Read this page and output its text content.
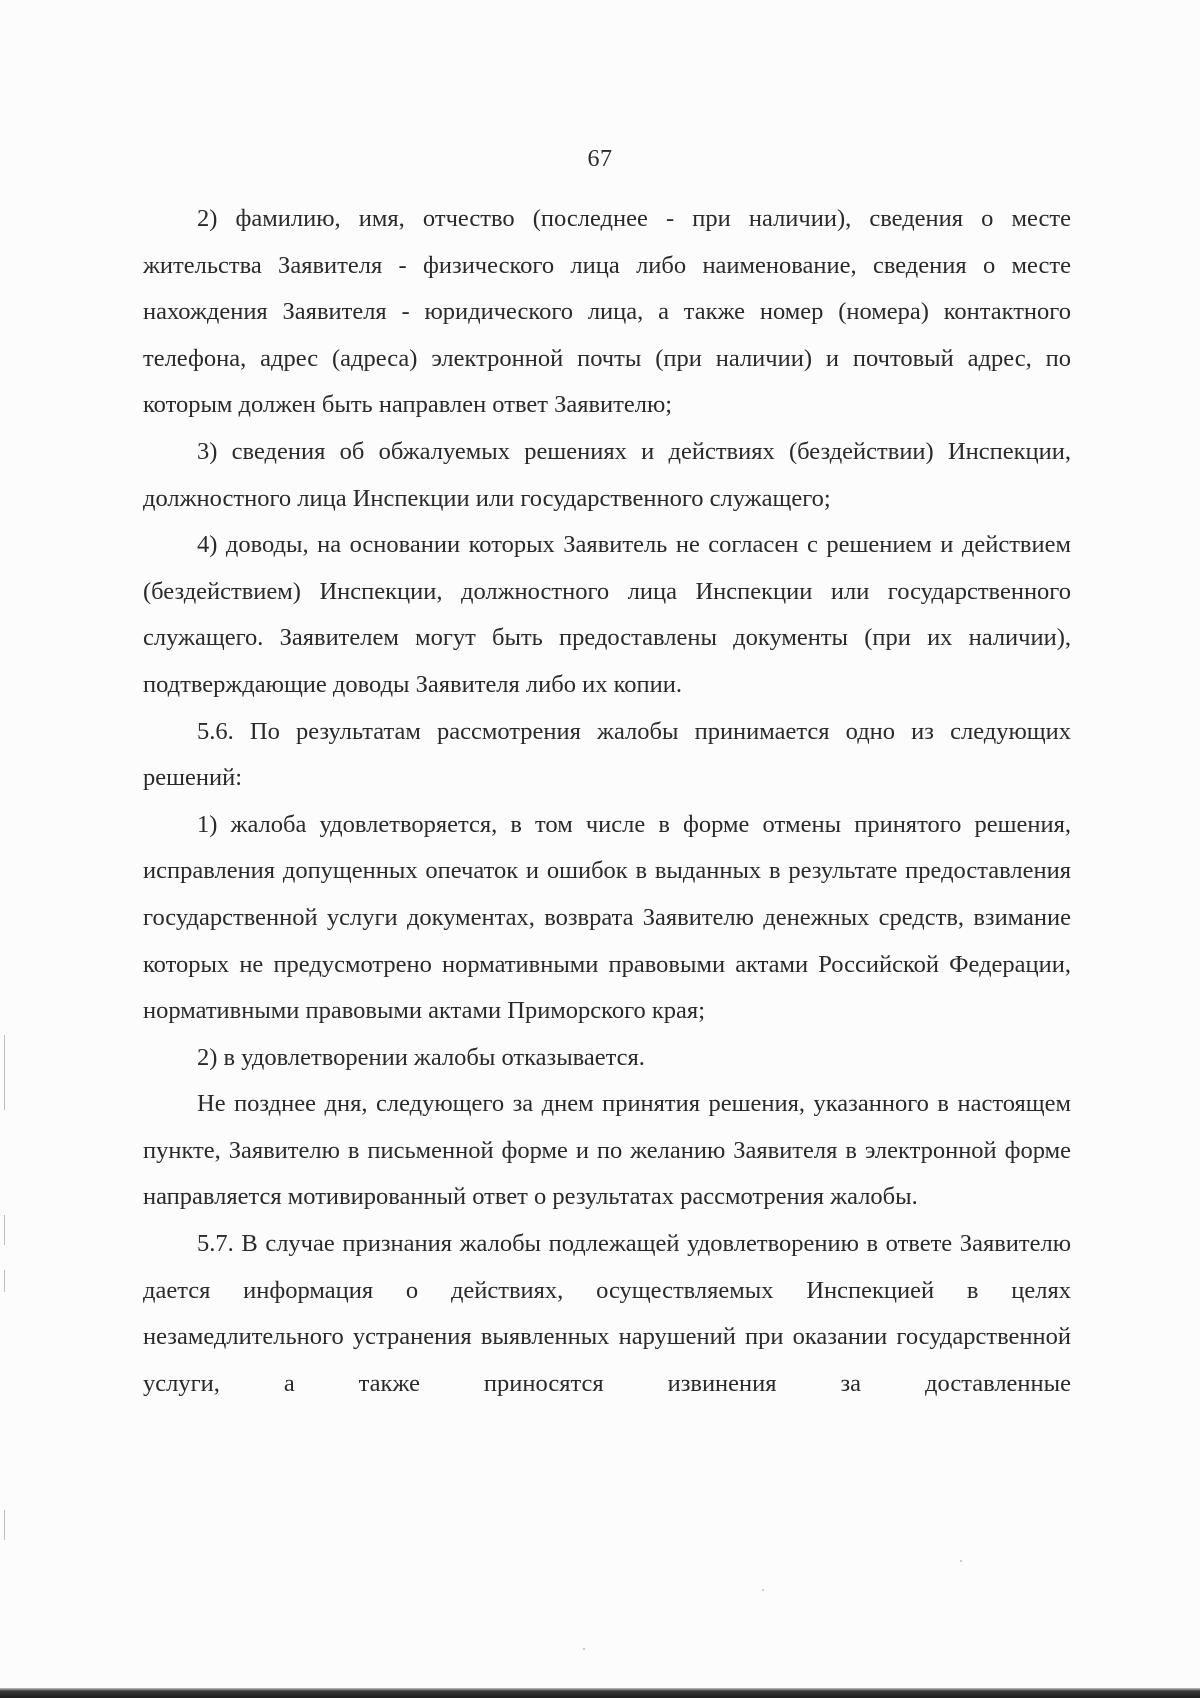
67

2) фамилию, имя, отчество (последнее - при наличии), сведения о месте жительства Заявителя - физического лица либо наименование, сведения о месте нахождения Заявителя - юридического лица, а также номер (номера) контактного телефона, адрес (адреса) электронной почты (при наличии) и почтовый адрес, по которым должен быть направлен ответ Заявителю;

3) сведения об обжалуемых решениях и действиях (бездействии) Инспекции, должностного лица Инспекции или государственного служащего;

4) доводы, на основании которых Заявитель не согласен с решением и действием (бездействием) Инспекции, должностного лица Инспекции или государственного служащего. Заявителем могут быть предоставлены документы (при их наличии), подтверждающие доводы Заявителя либо их копии.

5.6. По результатам рассмотрения жалобы принимается одно из следующих решений:

1) жалоба удовлетворяется, в том числе в форме отмены принятого решения, исправления допущенных опечаток и ошибок в выданных в результате предоставления государственной услуги документах, возврата Заявителю денежных средств, взимание которых не предусмотрено нормативными правовыми актами Российской Федерации, нормативными правовыми актами Приморского края;

2) в удовлетворении жалобы отказывается.

Не позднее дня, следующего за днем принятия решения, указанного в настоящем пункте, Заявителю в письменной форме и по желанию Заявителя в электронной форме направляется мотивированный ответ о результатах рассмотрения жалобы.

5.7. В случае признания жалобы подлежащей удовлетворению в ответе Заявителю дается информация о действиях, осуществляемых Инспекцией в целях незамедлительного устранения выявленных нарушений при оказании государственной услуги, а также приносятся извинения за доставленные
